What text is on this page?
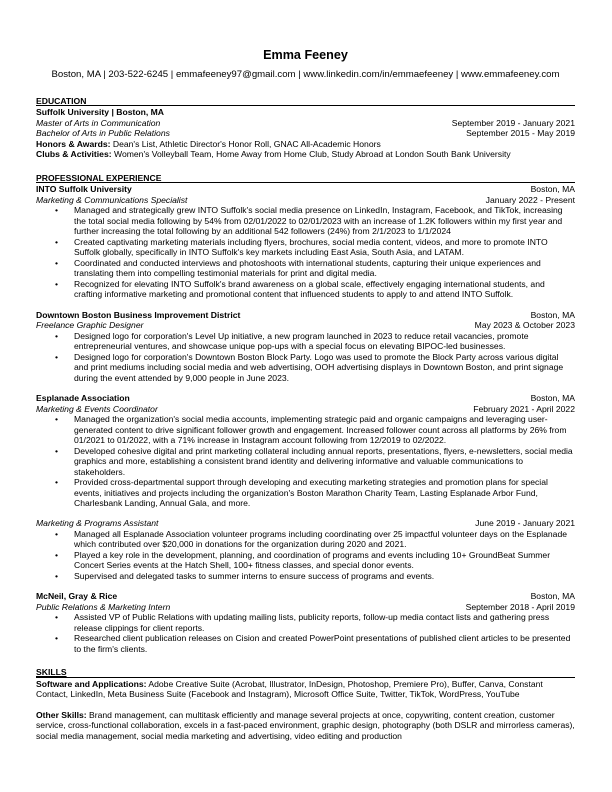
Emma Feeney
Boston, MA | 203-522-6245 | emmafeeney97@gmail.com | www.linkedin.com/in/emmaefeeney | www.emmafeeney.com
EDUCATION
Suffolk University | Boston, MA
Master of Arts in Communication	September 2019 - January 2021
Bachelor of Arts in Public Relations	September 2015 - May 2019
Honors & Awards: Dean's List, Athletic Director's Honor Roll, GNAC All-Academic Honors
Clubs & Activities: Women's Volleyball Team, Home Away from Home Club, Study Abroad at London South Bank University
PROFESSIONAL EXPERIENCE
INTO Suffolk University	Boston, MA
Marketing & Communications Specialist	January 2022 - Present
• Managed and strategically grew INTO Suffolk's social media presence on LinkedIn, Instagram, Facebook, and TikTok, increasing the total social media following by 54% from 02/01/2022 to 02/01/2023 with an increase of 1.2K followers within my first year and further increasing the total following by an additional 542 followers (24%) from 2/1/2023 to 1/1/2024
• Created captivating marketing materials including flyers, brochures, social media content, videos, and more to promote INTO Suffolk globally, specifically in INTO Suffolk's key markets including East Asia, South Asia, and LATAM.
• Coordinated and conducted interviews and photoshoots with international students, capturing their unique experiences and translating them into compelling testimonial materials for print and digital media.
• Recognized for elevating INTO Suffolk's brand awareness on a global scale, effectively engaging international students, and crafting informative marketing and promotional content that influenced students to apply to and attend INTO Suffolk.
Downtown Boston Business Improvement District	Boston, MA
Freelance Graphic Designer	May 2023 & October 2023
• Designed logo for corporation's Level Up initiative, a new program launched in 2023 to reduce retail vacancies, promote entrepreneurial ventures, and showcase unique pop-ups with a special focus on elevating BIPOC-led businesses.
• Designed logo for corporation's Downtown Boston Block Party. Logo was used to promote the Block Party across various digital and print mediums including social media and web advertising, OOH advertising displays in Downtown Boston, and print signage during the event attended by 9,000 people in June 2023.
Esplanade Association	Boston, MA
Marketing & Events Coordinator	February 2021 - April 2022
• Managed the organization's social media accounts, implementing strategic paid and organic campaigns and leveraging user-generated content to drive significant follower growth and engagement. Increased follower count across all platforms by 26% from 01/2021 to 01/2022, with a 71% increase in Instagram account following from 12/2019 to 02/2022.
• Developed cohesive digital and print marketing collateral including annual reports, presentations, flyers, e-newsletters, social media graphics and more, establishing a consistent brand identity and delivering informative and valuable communications to stakeholders.
• Provided cross-departmental support through developing and executing marketing strategies and promotion plans for special events, initiatives and projects including the organization's Boston Marathon Charity Team, Lasting Esplanade Arbor Fund, Charlesbank Landing, Annual Gala, and more.
Marketing & Programs Assistant	June 2019 - January 2021
• Managed all Esplanade Association volunteer programs including coordinating over 25 impactful volunteer days on the Esplanade which contributed over $20,000 in donations for the organization during 2020 and 2021.
• Played a key role in the development, planning, and coordination of programs and events including 10+ GroundBeat Summer Concert Series events at the Hatch Shell, 100+ fitness classes, and special donor events.
• Supervised and delegated tasks to summer interns to ensure success of programs and events.
McNeil, Gray & Rice	Boston, MA
Public Relations & Marketing Intern	September 2018 - April 2019
• Assisted VP of Public Relations with updating mailing lists, publicity reports, follow-up media contact lists and gathering press release clippings for client reports.
• Researched client publication releases on Cision and created PowerPoint presentations of published client articles to be presented to the firm's clients.
SKILLS

Software and Applications: Adobe Creative Suite (Acrobat, Illustrator, InDesign, Photoshop, Premiere Pro), Buffer, Canva, Constant Contact, LinkedIn, Meta Business Suite (Facebook and Instagram), Microsoft Office Suite, Twitter, TikTok, WordPress, YouTube

Other Skills: Brand management, can multitask efficiently and manage several projects at once, copywriting, content creation, customer service, cross-functional collaboration, excels in a fast-paced environment, graphic design, photography (both DSLR and mirrorless cameras), social media management, social media marketing and advertising, video editing and production
